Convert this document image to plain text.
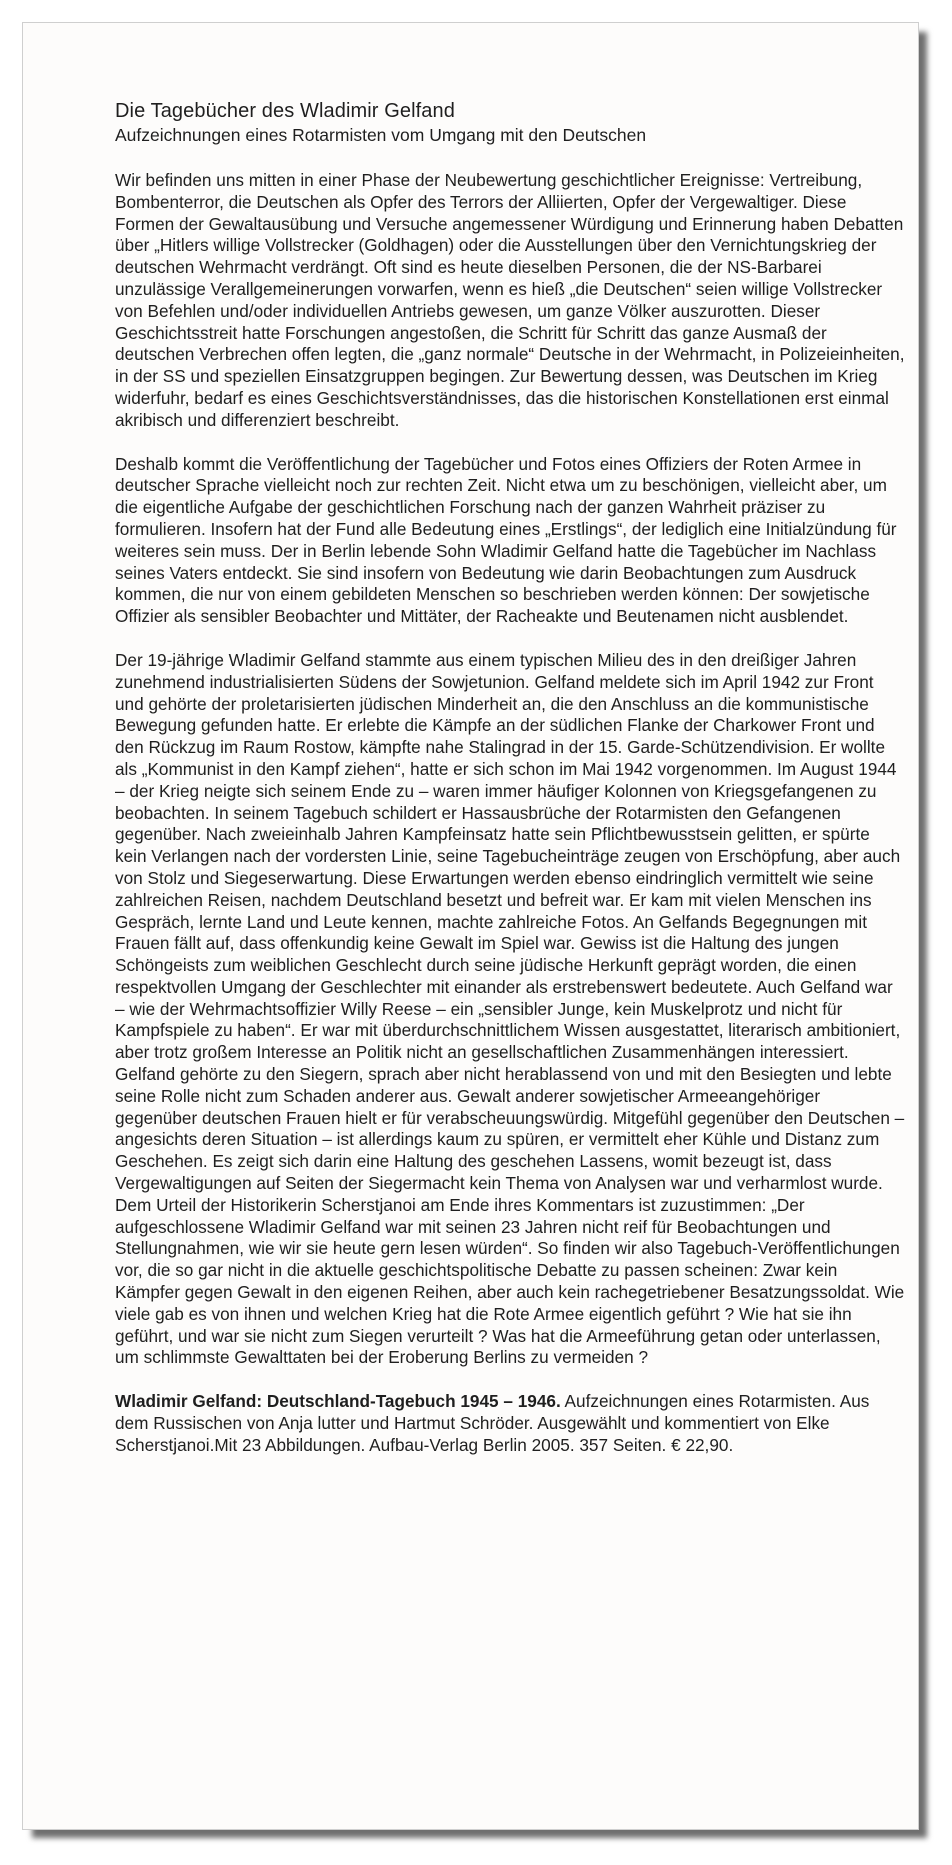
Die Tagebücher des Wladimir Gelfand
Aufzeichnungen eines Rotarmisten vom Umgang mit den Deutschen

Wir befinden uns mitten in einer Phase der Neubewertung geschichtlicher Ereignisse: Vertreibung, Bombenterror, die Deutschen als Opfer des Terrors der Alliierten, Opfer der Vergewaltiger. Diese Formen der Gewaltausübung und Versuche angemessener Würdigung und Erinnerung haben Debatten über „Hitlers willige Vollstrecker (Goldhagen) oder die Ausstellungen über den Vernichtungskrieg der deutschen Wehrmacht verdrängt. Oft sind es heute dieselben Personen, die der NS-Barbarei unzulässige Verallgemeinerungen vorwarfen, wenn es hieß „die Deutschen“ seien willige Vollstrecker von Befehlen und/oder individuellen Antriebs gewesen, um ganze Völker auszurotten. Dieser Geschichtsstreit hatte Forschungen angestoßen, die Schritt für Schritt das ganze Ausmaß der deutschen Verbrechen offen legten, die „ganz normale“ Deutsche in der Wehrmacht, in Polizeieinheiten, in der SS und speziellen Einsatzgruppen begingen. Zur Bewertung dessen, was Deutschen im Krieg widerfuhr, bedarf es eines Geschichtsverständnisses, das die historischen Konstellationen erst einmal akribisch und differenziert beschreibt.

Deshalb kommt die Veröffentlichung der Tagebücher und Fotos eines Offiziers der Roten Armee in deutscher Sprache vielleicht noch zur rechten Zeit. Nicht etwa um zu beschönigen, vielleicht aber, um die eigentliche Aufgabe der geschichtlichen Forschung nach der ganzen Wahrheit präziser zu formulieren. Insofern hat der Fund alle Bedeutung eines „Erstlings“, der lediglich eine Initialzündung für weiteres sein muss. Der in Berlin lebende Sohn Wladimir Gelfand hatte die Tagebücher im Nachlass seines Vaters entdeckt. Sie sind insofern von Bedeutung wie darin Beobachtungen zum Ausdruck kommen, die nur von einem gebildeten Menschen so beschrieben werden können: Der sowjetische Offizier als sensibler Beobachter und Mittäter, der Racheakte und Beutenamen nicht ausblendet.

Der 19-jährige Wladimir Gelfand stammte aus einem typischen Milieu des in den dreißiger Jahren zunehmend industrialisierten Südens der Sowjetunion. Gelfand meldete sich im April 1942 zur Front und gehörte der proletarisierten jüdischen Minderheit an, die den Anschluss an die kommunistische Bewegung gefunden hatte. Er erlebte die Kämpfe an der südlichen Flanke der Charkower Front und den Rückzug im Raum Rostow, kämpfte nahe Stalingrad in der 15. Garde-Schützendivision. Er wollte als „Kommunist in den Kampf ziehen“, hatte er sich schon im Mai 1942 vorgenommen. Im August 1944 – der Krieg neigte sich seinem Ende zu – waren immer häufiger Kolonnen von Kriegsgefangenen zu beobachten. In seinem Tagebuch schildert er Hassausbrüche der Rotarmisten den Gefangenen gegenüber. Nach zweieinhalb Jahren Kampfeinsatz hatte sein Pflichtbewusstsein gelitten, er spürte kein Verlangen nach der vordersten Linie, seine Tagebucheinträge zeugen von Erschöpfung, aber auch von Stolz und Siegeserwartung. Diese Erwartungen werden ebenso eindringlich vermittelt wie seine zahlreichen Reisen, nachdem Deutschland besetzt und befreit war. Er kam mit vielen Menschen ins Gespräch, lernte Land und Leute kennen, machte zahlreiche Fotos. An Gelfands Begegnungen mit Frauen fällt auf, dass offenkundig keine Gewalt im Spiel war. Gewiss ist die Haltung des jungen Schöngeists zum weiblichen Geschlecht durch seine jüdische Herkunft geprägt worden, die einen respektvollen Umgang der Geschlechter mit einander als erstrebenswert bedeutete. Auch Gelfand war – wie der Wehrmachtsoffizier Willy Reese – ein „sensibler Junge, kein Muskelprotz und nicht für Kampfspiele zu haben“. Er war mit überdurchschnittlichem Wissen ausgestattet, literarisch ambitioniert, aber trotz großem Interesse an Politik nicht an gesellschaftlichen Zusammenhängen interessiert. Gelfand gehörte zu den Siegern, sprach aber nicht herablassend von und mit den Besiegten und lebte seine Rolle nicht zum Schaden anderer aus. Gewalt anderer sowjetischer Armeeangehöriger gegenüber deutschen Frauen hielt er für verabscheuungswürdig. Mitgefühl gegenüber den Deutschen – angesichts deren Situation – ist allerdings kaum zu spüren, er vermittelt eher Kühle und Distanz zum Geschehen. Es zeigt sich darin eine Haltung des geschehen Lassens, womit bezeugt ist, dass Vergewaltigungen auf Seiten der Siegermacht kein Thema von Analysen war und verharmlost wurde. Dem Urteil der Historikerin Scherstjanoi am Ende ihres Kommentars ist zuzustimmen: „Der aufgeschlossene Wladimir Gelfand war mit seinen 23 Jahren nicht reif für Beobachtungen und Stellungnahmen, wie wir sie heute gern lesen würden“. So finden wir also Tagebuch-Veröffentlichungen vor, die so gar nicht in die aktuelle geschichtspolitische Debatte zu passen scheinen: Zwar kein Kämpfer gegen Gewalt in den eigenen Reihen, aber auch kein rachegetriebener Besatzungssoldat. Wie viele gab es von ihnen und welchen Krieg hat die Rote Armee eigentlich geführt ? Wie hat sie ihn geführt, und war sie nicht zum Siegen verurteilt ? Was hat die Armeeführung getan oder unterlassen, um schlimmste Gewalttaten bei der Eroberung Berlins zu vermeiden ?

Wladimir Gelfand: Deutschland-Tagebuch 1945 – 1946. Aufzeichnungen eines Rotarmisten. Aus dem Russischen von Anja lutter und Hartmut Schröder. Ausgewählt und kommentiert von Elke Scherstjanoi.Mit 23 Abbildungen. Aufbau-Verlag Berlin 2005. 357 Seiten. € 22,90.
